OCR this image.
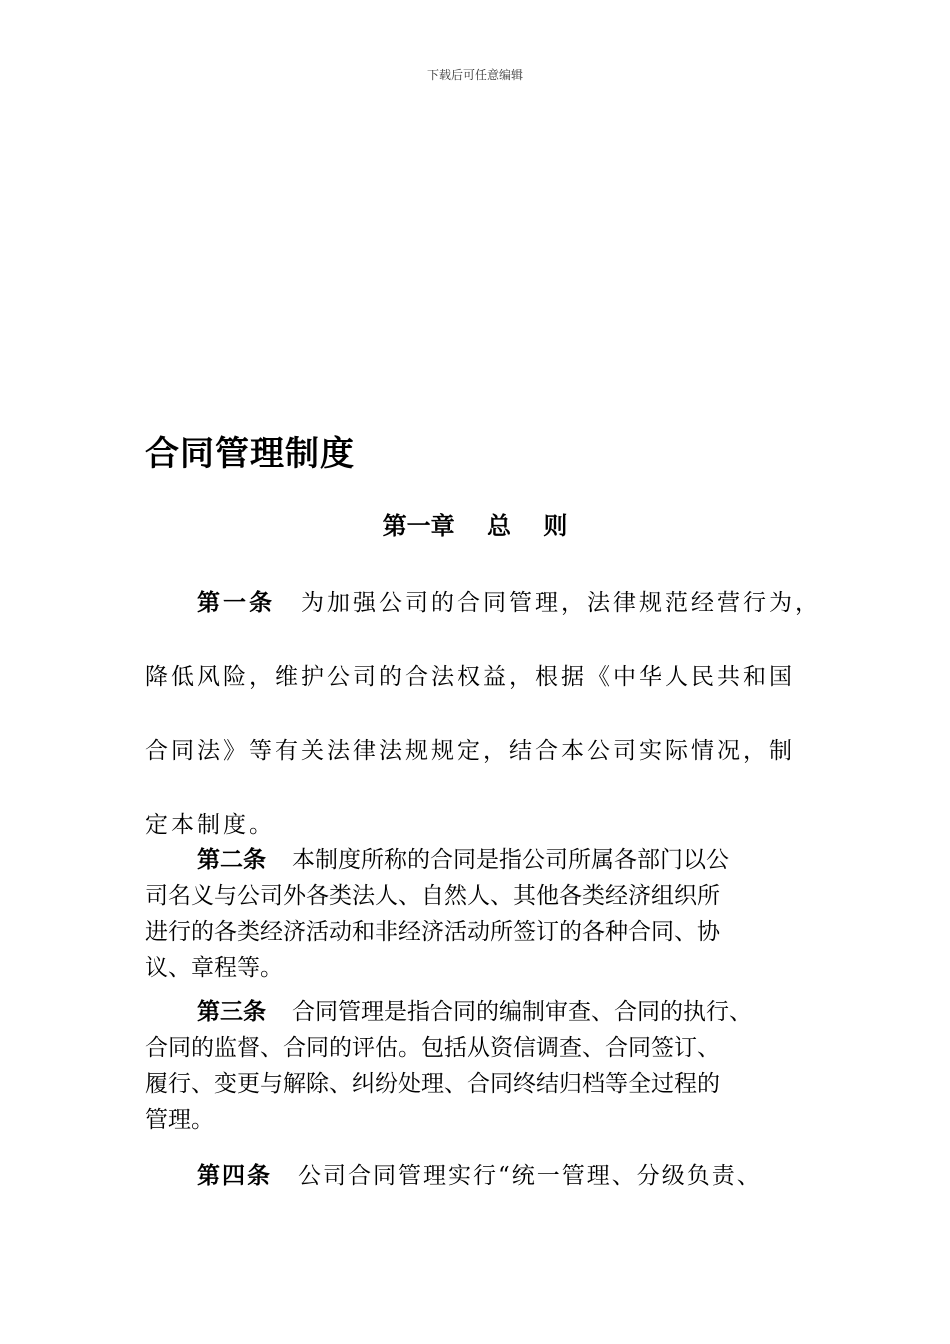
下载后可任意编辑
合同管理制度
第一章　 总　 则
第一条 为加强公司的合同管理，法律规范经营行为，
降低风险，维护公司的合法权益，根据《中华人民共和国
合同法》等有关法律法规规定，结合本公司实际情况，制
定本制度。
第二条 本制度所称的合同是指公司所属各部门以公
司名义与公司外各类法人、自然人、其他各类经济组织所
进行的各类经济活动和非经济活动所签订的各种合同、协
议、章程等。
第三条 合同管理是指合同的编制审查、合同的执行、
合同的监督、合同的评估。包括从资信调查、合同签订、
履行、变更与解除、纠纷处理、合同终结归档等全过程的
管理。
第四条 公司合同管理实行“统一管理、分级负责、
